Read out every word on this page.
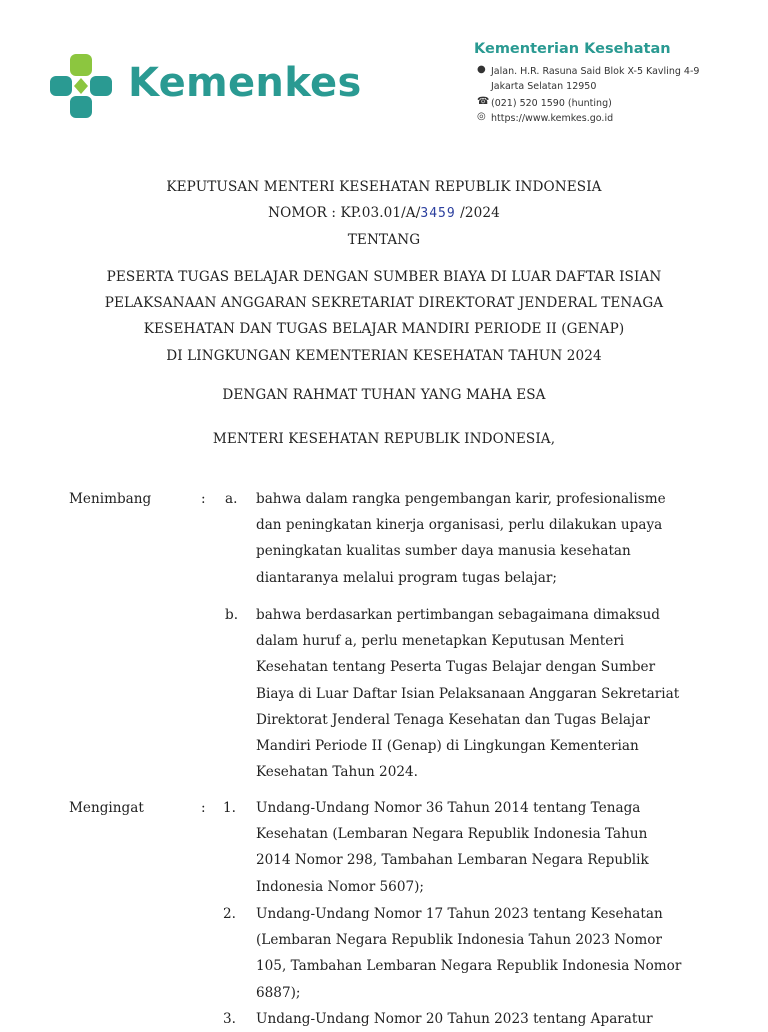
Kemenkes
Kementerian Kesehatan
● Jalan. H.R. Rasuna Said Blok X-5 Kavling 4-9
Jakarta Selatan 12950
☎ (021) 520 1590 (hunting)
◎ https://www.kemkes.go.id
KEPUTUSAN MENTERI KESEHATAN REPUBLIK INDONESIA
NOMOR : KP.03.01/A/3459 /2024
TENTANG
PESERTA TUGAS BELAJAR DENGAN SUMBER BIAYA DI LUAR DAFTAR ISIAN
PELAKSANAAN ANGGARAN SEKRETARIAT DIREKTORAT JENDERAL TENAGA
KESEHATAN DAN TUGAS BELAJAR MANDIRI PERIODE II (GENAP)
DI LINGKUNGAN KEMENTERIAN KESEHATAN TAHUN 2024
DENGAN RAHMAT TUHAN YANG MAHA ESA
MENTERI KESEHATAN REPUBLIK INDONESIA,
Menimbang	: a. bahwa dalam rangka pengembangan karir, profesionalisme
dan peningkatan kinerja organisasi, perlu dilakukan upaya
peningkatan kualitas sumber daya manusia kesehatan
diantaranya melalui program tugas belajar;
b. bahwa berdasarkan pertimbangan sebagaimana dimaksud
dalam huruf a, perlu menetapkan Keputusan Menteri
Kesehatan tentang Peserta Tugas Belajar dengan Sumber
Biaya di Luar Daftar Isian Pelaksanaan Anggaran Sekretariat
Direktorat Jenderal Tenaga Kesehatan dan Tugas Belajar
Mandiri Periode II (Genap) di Lingkungan Kementerian
Kesehatan Tahun 2024.
Mengingat	: 1. Undang-Undang Nomor 36 Tahun 2014 tentang Tenaga
Kesehatan (Lembaran Negara Republik Indonesia Tahun
2014 Nomor 298, Tambahan Lembaran Negara Republik
Indonesia Nomor 5607);
2. Undang-Undang Nomor 17 Tahun 2023 tentang Kesehatan
(Lembaran Negara Republik Indonesia Tahun 2023 Nomor
105, Tambahan Lembaran Negara Republik Indonesia Nomor
6887);
3. Undang-Undang Nomor 20 Tahun 2023 tentang Aparatur
